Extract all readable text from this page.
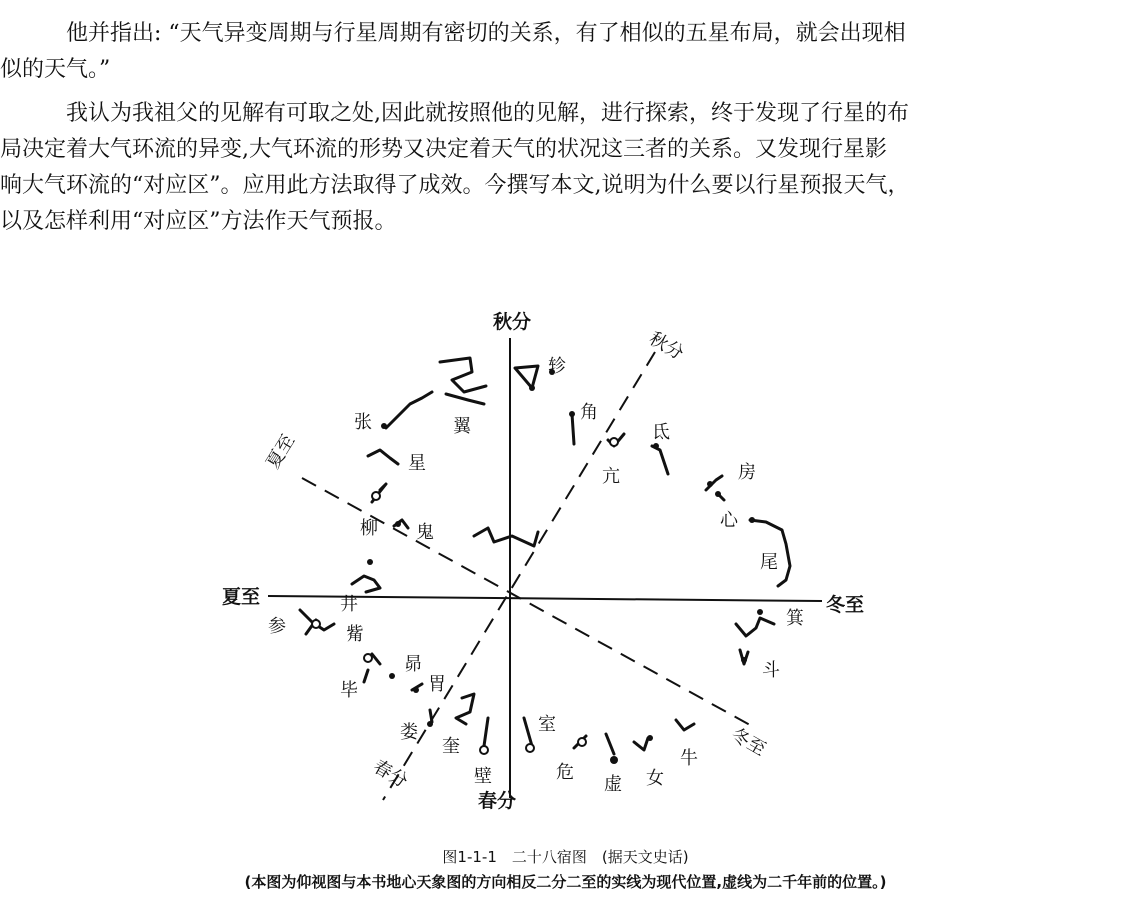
他并指出: “天气异变周期与行星周期有密切的关系，有了相似的五星布局，就会出现相
似的天气。”

我认为我祖父的见解有可取之处,因此就按照他的见解，进行探索，终于发现了行星的布
局决定着大气环流的异变,大气环流的形势又决定着天气的状况这三者的关系。又发现行星影
响大气环流的“对应区”。应用此方法取得了成效。今撰写本文,说明为什么要以行星预报天气，
以及怎样利用“对应区”方法作天气预报。

秋分
春分
夏至	冬至
秋分
夏至
春分
冬至
轸
翼
张
星
柳 鬼
角
亢
氐
房
心
尾
箕
斗
牛
女
虚
危
室
壁
奎
娄
胃
昴
毕
觜
参
井
图1-1-1　二十八宿图　(据天文史话)
(本图为仰视图与本书地心天象图的方向相反二分二至的实线为现代位置,虚线为二千年前的位置。)
